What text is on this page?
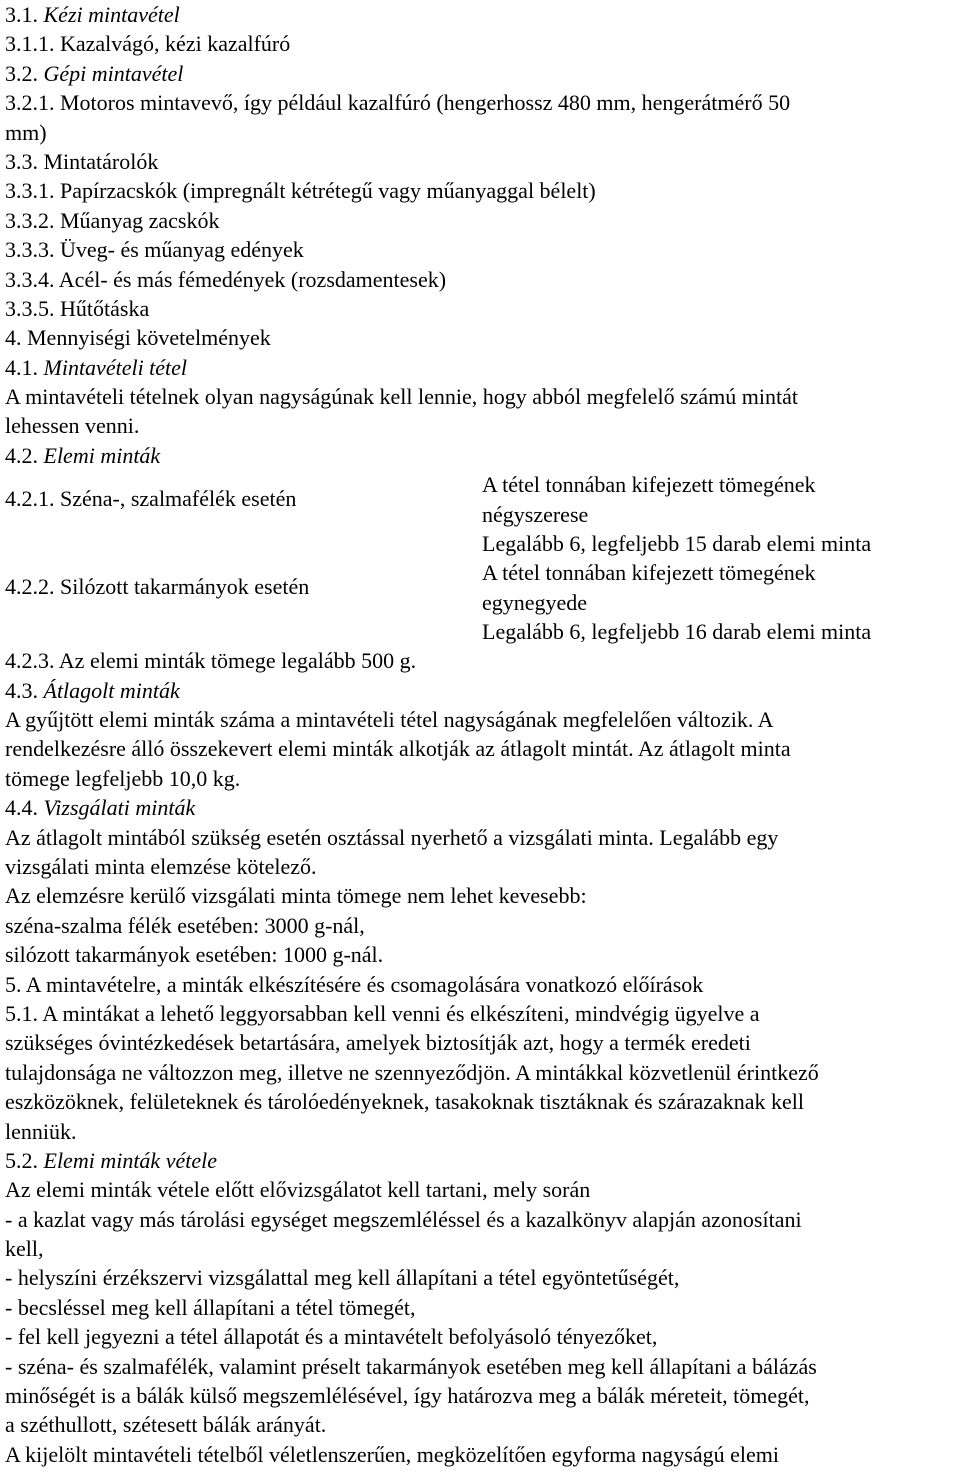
3.1. Kézi mintavétel
3.1.1. Kazalvágó, kézi kazalfúró
3.2. Gépi mintavétel
3.2.1. Motoros mintavevő, így például kazalfúró (hengerhossz 480 mm, hengerátmérő 50
mm)
3.3. Mintatárolók
3.3.1. Papírzacskók (impregnált kétrétegű vagy műanyaggal bélelt)
3.3.2. Műanyag zacskók
3.3.3. Üveg- és műanyag edények
3.3.4. Acél- és más fémedények (rozsdamentesek)
3.3.5. Hűtőtáska
4. Mennyiségi követelmények
4.1. Mintavételi tétel
A mintavételi tételnek olyan nagyságúnak kell lennie, hogy abból megfelelő számú mintát
lehessen venni.
4.2. Elemi minták
4.2.1. Széna-, szalmafélék esetén
A tétel tonnában kifejezett tömegének
négyszerese
Legalább 6, legfeljebb 15 darab elemi minta
4.2.2. Silózott takarmányok esetén
A tétel tonnában kifejezett tömegének
egynegyede
Legalább 6, legfeljebb 16 darab elemi minta
4.2.3. Az elemi minták tömege legalább 500 g.
4.3. Átlagolt minták
A gyűjtött elemi minták száma a mintavételi tétel nagyságának megfelelően változik. A
rendelkezésre álló összekevert elemi minták alkotják az átlagolt mintát. Az átlagolt minta
tömege legfeljebb 10,0 kg.
4.4. Vizsgálati minták
Az átlagolt mintából szükség esetén osztással nyerhető a vizsgálati minta. Legalább egy
vizsgálati minta elemzése kötelező.
Az elemzésre kerülő vizsgálati minta tömege nem lehet kevesebb:
széna-szalma félék esetében: 3000 g-nál,
silózott takarmányok esetében: 1000 g-nál.
5. A mintavételre, a minták elkészítésére és csomagolására vonatkozó előírások
5.1. A mintákat a lehető leggyorsabban kell venni és elkészíteni, mindvégig ügyelve a
szükséges óvintézkedések betartására, amelyek biztosítják azt, hogy a termék eredeti
tulajdonsága ne változzon meg, illetve ne szennyeződjön. A mintákkal közvetlenül érintkező
eszközöknek, felületeknek és tárolóedényeknek, tasakoknak tisztáknak és szárazaknak kell
lenniük.
5.2. Elemi minták vétele
Az elemi minták vétele előtt elővizsgálatot kell tartani, mely során
- a kazlat vagy más tárolási egységet megszemléléssel és a kazalkönyv alapján azonosítani
kell,
- helyszíni érzékszervi vizsgálattal meg kell állapítani a tétel egyöntetűségét,
- becsléssel meg kell állapítani a tétel tömegét,
- fel kell jegyezni a tétel állapotát és a mintavételt befolyásoló tényezőket,
- széna- és szalmafélék, valamint préselt takarmányok esetében meg kell állapítani a bálázás
minőségét is a bálák külső megszemlélésével, így határozva meg a bálák méreteit, tömegét,
a széthullott, szétesett bálák arányát.
A kijelölt mintavételi tételből véletlenszerűen, megközelítően egyforma nagyságú elemi
